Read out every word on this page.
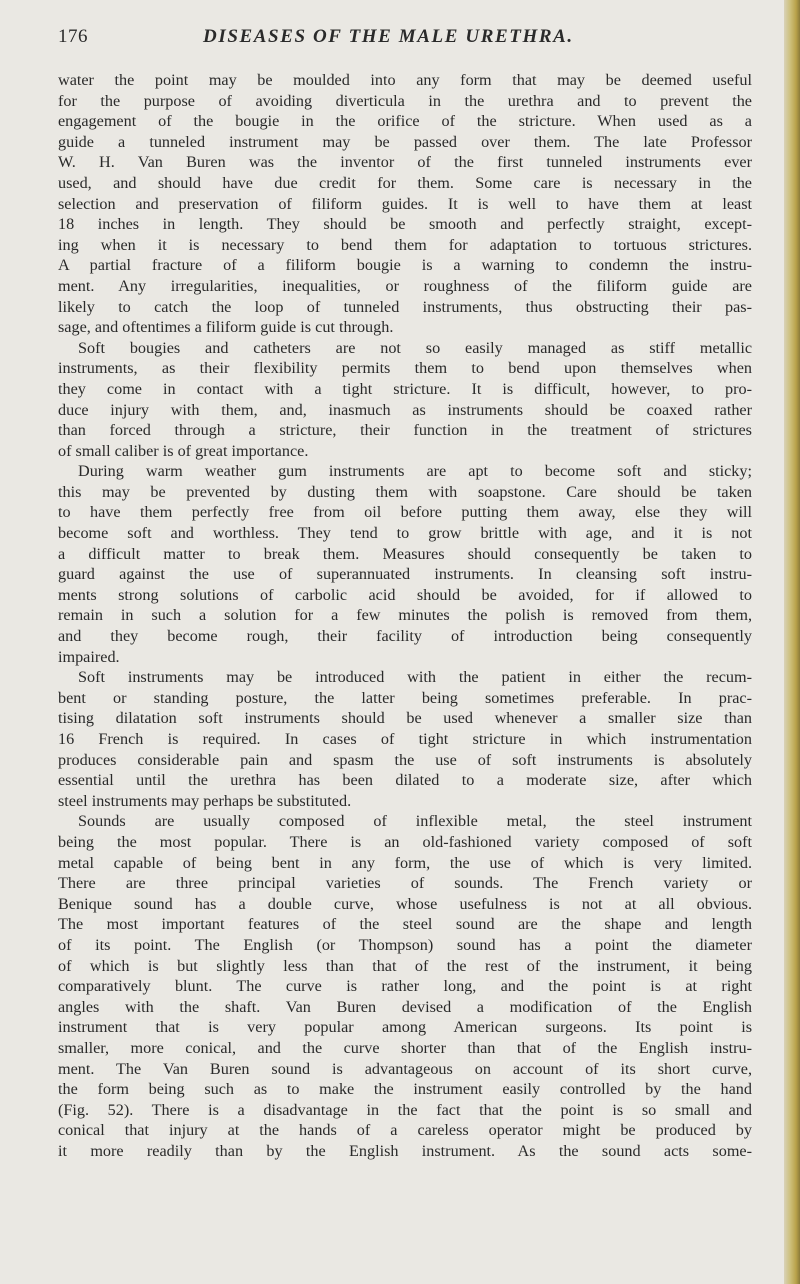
176	DISEASES OF THE MALE URETHRA.
water the point may be moulded into any form that may be deemed useful
for the purpose of avoiding diverticula in the urethra and to prevent the
engagement of the bougie in the orifice of the stricture. When used as a
guide a tunneled instrument may be passed over them. The late Professor
W. H. Van Buren was the inventor of the first tunneled instruments ever
used, and should have due credit for them. Some care is necessary in the
selection and preservation of filiform guides. It is well to have them at least
18 inches in length. They should be smooth and perfectly straight, except-
ing when it is necessary to bend them for adaptation to tortuous strictures.
A partial fracture of a filiform bougie is a warning to condemn the instru-
ment. Any irregularities, inequalities, or roughness of the filiform guide are
likely to catch the loop of tunneled instruments, thus obstructing their pas-
sage, and oftentimes a filiform guide is cut through.
Soft bougies and catheters are not so easily managed as stiff metallic
instruments, as their flexibility permits them to bend upon themselves when
they come in contact with a tight stricture. It is difficult, however, to pro-
duce injury with them, and, inasmuch as instruments should be coaxed rather
than forced through a stricture, their function in the treatment of strictures
of small caliber is of great importance.
During warm weather gum instruments are apt to become soft and sticky;
this may be prevented by dusting them with soapstone. Care should be taken
to have them perfectly free from oil before putting them away, else they will
become soft and worthless. They tend to grow brittle with age, and it is not
a difficult matter to break them. Measures should consequently be taken to
guard against the use of superannuated instruments. In cleansing soft instru-
ments strong solutions of carbolic acid should be avoided, for if allowed to
remain in such a solution for a few minutes the polish is removed from them,
and they become rough, their facility of introduction being consequently
impaired.
Soft instruments may be introduced with the patient in either the recum-
bent or standing posture, the latter being sometimes preferable. In prac-
tising dilatation soft instruments should be used whenever a smaller size than
16 French is required. In cases of tight stricture in which instrumentation
produces considerable pain and spasm the use of soft instruments is absolutely
essential until the urethra has been dilated to a moderate size, after which
steel instruments may perhaps be substituted.
Sounds are usually composed of inflexible metal, the steel instrument
being the most popular. There is an old-fashioned variety composed of soft
metal capable of being bent in any form, the use of which is very limited.
There are three principal varieties of sounds. The French variety or
Benique sound has a double curve, whose usefulness is not at all obvious.
The most important features of the steel sound are the shape and length
of its point. The English (or Thompson) sound has a point the diameter
of which is but slightly less than that of the rest of the instrument, it being
comparatively blunt. The curve is rather long, and the point is at right
angles with the shaft. Van Buren devised a modification of the English
instrument that is very popular among American surgeons. Its point is
smaller, more conical, and the curve shorter than that of the English instru-
ment. The Van Buren sound is advantageous on account of its short curve,
the form being such as to make the instrument easily controlled by the hand
(Fig. 52). There is a disadvantage in the fact that the point is so small and
conical that injury at the hands of a careless operator might be produced by
it more readily than by the English instrument. As the sound acts some-
